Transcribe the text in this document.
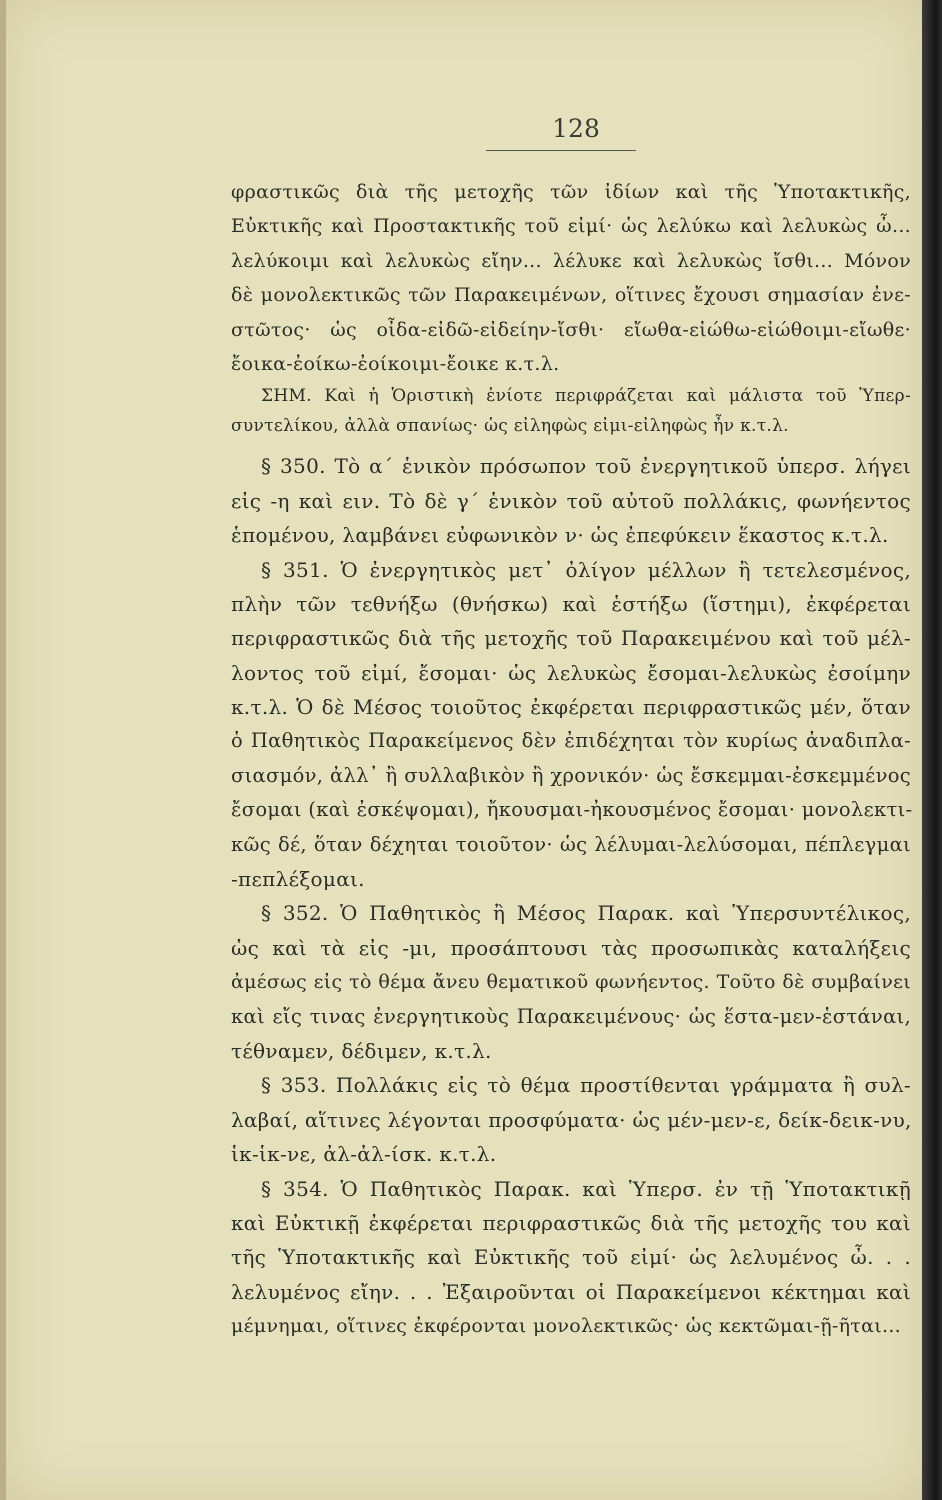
128
φραστικῶς διὰ τῆς μετοχῆς τῶν ἰδίων καὶ τῆς Ὑποτακτικῆς,
Εὐκτικῆς καὶ Προστακτικῆς τοῦ εἰμί· ὡς λελύκω καὶ λελυκὼς ὦ...
λελύκοιμι καὶ λελυκὼς εἴην... λέλυκε καὶ λελυκὼς ἴσθι... Μόνον
δὲ μονολεκτικῶς τῶν Παρακειμένων, οἵτινες ἔχουσι σημασίαν ἐνε-
στῶτος· ὡς οἶδα-εἰδῶ-εἰδείην-ἴσθι· εἴωθα-εἰώθω-εἰώθοιμι-εἴωθε·
ἔοικα-ἐοίκω-ἐοίκοιμι-ἔοικε κ.τ.λ.
ΣΗΜ. Καὶ ἡ Ὁριστικὴ ἐνίοτε περιφράζεται καὶ μάλιστα τοῦ Ὑπερ-
συντελίκου, ἀλλὰ σπανίως· ὡς εἰληφὼς εἰμι-εἰληφὼς ἦν κ.τ.λ.
§ 350. Τὸ α΄ ἑνικὸν πρόσωπον τοῦ ἐνεργητικοῦ ὑπερσ. λήγει
εἰς -η καὶ ειν. Τὸ δὲ γ΄ ἑνικὸν τοῦ αὐτοῦ πολλάκις, φωνήεντος
ἑπομένου, λαμβάνει εὐφωνικὸν ν· ὡς ἐπεφύκειν ἕκαστος κ.τ.λ.
§ 351. Ὁ ἐνεργητικὸς μετ᾿ ὀλίγον μέλλων ἢ τετελεσμένος,
πλὴν τῶν τεθνήξω (θνήσκω) καὶ ἑστήξω (ἵστημι), ἐκφέρεται
περιφραστικῶς διὰ τῆς μετοχῆς τοῦ Παρακειμένου καὶ τοῦ μέλ-
λοντος τοῦ εἰμί, ἔσομαι· ὡς λελυκὼς ἔσομαι-λελυκὼς ἐσοίμην
κ.τ.λ. Ὁ δὲ Μέσος τοιοῦτος ἐκφέρεται περιφραστικῶς μέν, ὅταν
ὁ Παθητικὸς Παρακείμενος δὲν ἐπιδέχηται τὸν κυρίως ἀναδιπλα-
σιασμόν, ἀλλ᾿ ἢ συλλαβικὸν ἢ χρονικόν· ὡς ἔσκεμμαι-ἐσκεμμένος
ἔσομαι (καὶ ἐσκέψομαι), ἤκουσμαι-ἠκουσμένος ἔσομαι· μονολεκτι-
κῶς δέ, ὅταν δέχηται τοιοῦτον· ὡς λέλυμαι-λελύσομαι, πέπλεγμαι
-πεπλέξομαι.
§ 352. Ὁ Παθητικὸς ἢ Μέσος Παρακ. καὶ Ὑπερσυντέλικος,
ὡς καὶ τὰ εἰς -μι, προσάπτουσι τὰς προσωπικὰς καταλήξεις
ἀμέσως εἰς τὸ θέμα ἄνευ θεματικοῦ φωνήεντος. Τοῦτο δὲ συμβαίνει
καὶ εἴς τινας ἐνεργητικοὺς Παρακειμένους· ὡς ἕστα-μεν-ἑστάναι,
τέθναμεν, δέδιμεν, κ.τ.λ.
§ 353. Πολλάκις εἰς τὸ θέμα προστίθενται γράμματα ἢ συλ-
λαβαί, αἵτινες λέγονται προσφύματα· ὡς μέν-μεν-ε, δείκ-δεικ-νυ,
ἱκ-ἱκ-νε, ἀλ-ἀλ-ίσκ. κ.τ.λ.
§ 354. Ὁ Παθητικὸς Παρακ. καὶ Ὑπερσ. ἐν τῇ Ὑποτακτικῇ
καὶ Εὐκτικῇ ἐκφέρεται περιφραστικῶς διὰ τῆς μετοχῆς του καὶ
τῆς Ὑποτακτικῆς καὶ Εὐκτικῆς τοῦ εἰμί· ὡς λελυμένος ὦ. . .
λελυμένος εἴην. . . Ἐξαιροῦνται οἱ Παρακείμενοι κέκτημαι καὶ
μέμνημαι, οἵτινες ἐκφέρονται μονολεκτικῶς· ὡς κεκτῶμαι-ῇ-ῆται...
